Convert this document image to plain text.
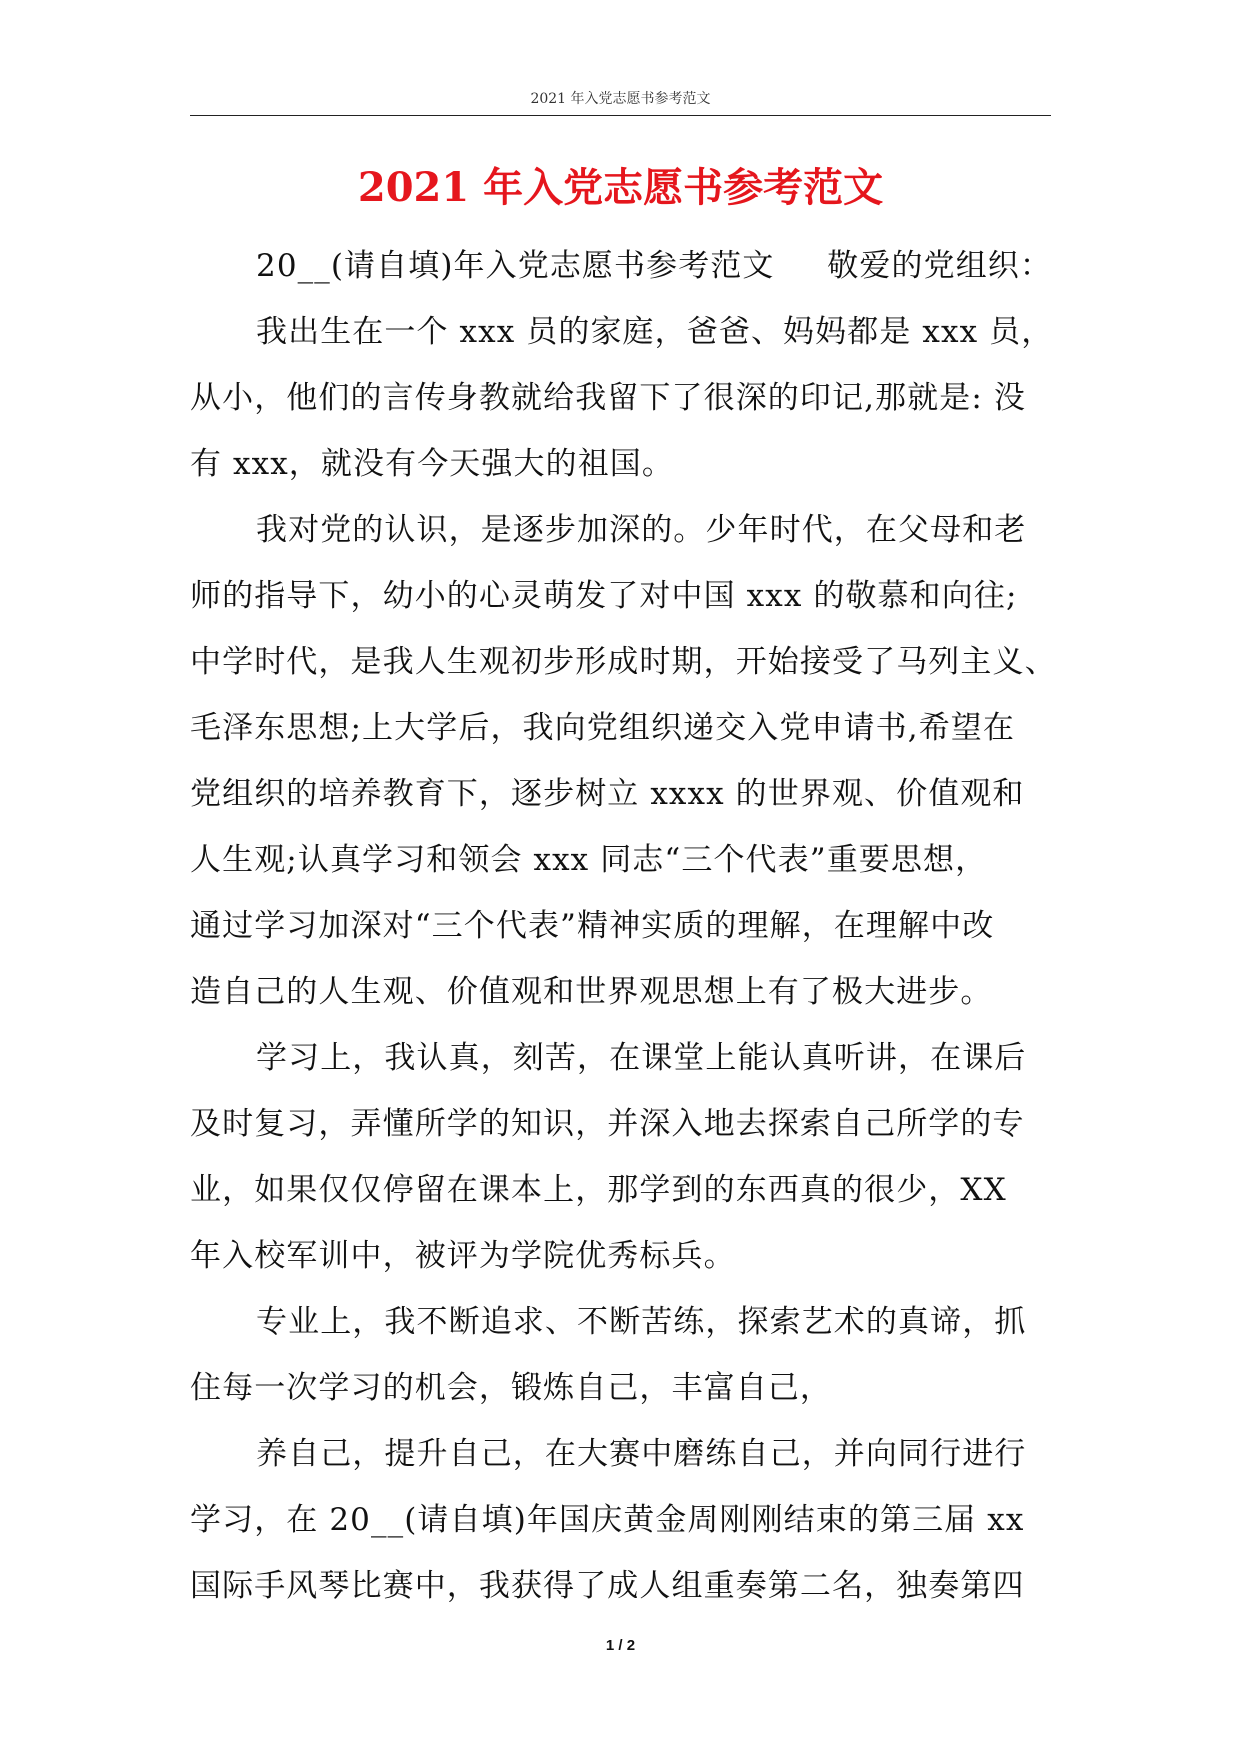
2021 年入党志愿书参考范文
2021 年入党志愿书参考范文
20__(请自填)年入党志愿书参考范文 敬爱的党组织：

我出生在一个 xxx 员的家庭，爸爸、妈妈都是 xxx 员，

从小，他们的言传身教就给我留下了很深的印记,那就是: 没

有 xxx，就没有今天强大的祖国。

我对党的认识，是逐步加深的。少年时代，在父母和老

师的指导下，幼小的心灵萌发了对中国 xxx 的敬慕和向往;

中学时代，是我人生观初步形成时期，开始接受了马列主义、

毛泽东思想;上大学后，我向党组织递交入党申请书,希望在

党组织的培养教育下，逐步树立 xxxx 的世界观、价值观和

人生观;认真学习和领会 xxx 同志“三个代表”重要思想，

通过学习加深对“三个代表”精神实质的理解，在理解中改

造自己的人生观、价值观和世界观思想上有了极大进步。

学习上，我认真，刻苦，在课堂上能认真听讲，在课后

及时复习，弄懂所学的知识，并深入地去探索自己所学的专

业，如果仅仅停留在课本上，那学到的东西真的很少，XX

年入校军训中，被评为学院优秀标兵。

专业上，我不断追求、不断苦练，探索艺术的真谛，抓

住每一次学习的机会，锻炼自己，丰富自己，

养自己，提升自己，在大赛中磨练自己，并向同行进行

学习，在 20__(请自填)年国庆黄金周刚刚结束的第三届 xx

国际手风琴比赛中，我获得了成人组重奏第二名，独奏第四

1 / 2
